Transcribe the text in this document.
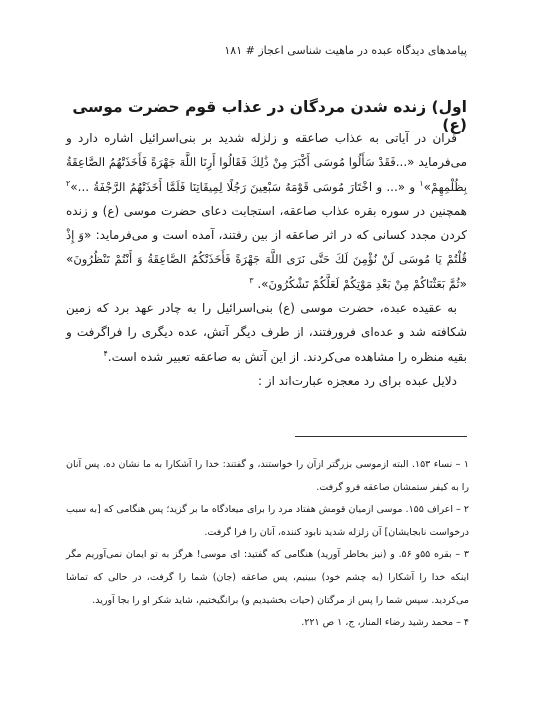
پیامدهای دیدگاه عبده در ماهیت شناسی اعجاز # ۱۸۱
اول) زنده شدن مردگان در عذاب قوم حضرت موسی (ع)

قران در آیاتی به عذاب صاعقه و زلزله شدید بر بنی‌اسرائیل اشاره دارد و می‌فرماید «...فَقَدْ سَأَلُوا مُوسَى أَكْبَرَ مِنْ ذَٰلِكَ فَقَالُوا أَرِنَا اللَّهَ جَهْرَةً فَأَخَذَتْهُمُ الصَّاعِقَةُ بِظُلْمِهِمْ»$^۱$ و «... و اخْتَارَ مُوسَى قَوْمَهُ سَبْعِينَ رَجُلًا لِمِيقَاتِنَا فَلَمَّا أَخَذَتْهُمُ الرَّجْفَةُ ...»$^۲$ همچنین در سوره بقره عذاب صاعقه، استجابت دعای حضرت موسی (ع) و زنده کردن مجدد کسانی که در اثر صاعقه از بین رفتند، آمده است و می‌فرماید: «وَ إِذْ قُلْتُمْ يَا مُوسَى لَنْ نُؤْمِنَ لَكَ حَتَّى نَرَى اللَّهَ جَهْرَةً فَأَخَذَتْكُمُ الصَّاعِقَةُ وَ أَنْتُمْ تَنْظُرُونَ» «ثُمَّ بَعَثْنَاكُمْ مِنْ بَعْدِ مَوْتِكُمْ لَعَلَّكُمْ تَشْكُرُونَ». $^۳$

به عقیده عبده، حضرت موسی (ع) بنی‌اسرائیل را به چادر عهد برد که زمین شکافته شد و عده‌ای فرورفتند، از طرف دیگر آتش، عده دیگری را فراگرفت و بقیه منظره را مشاهده می‌کردند. از این آتش به صاعقه تعبیر شده است.$^۴$

دلایل عبده برای رد معجزه عبارت‌اند از :

۱ – نساء ۱۵۳. البته ازموسی بزرگتر ازآن را خواستند، و گفتند: خدا را آشکارا به ما نشان ده. پس آنان را به کیفر ستمشان صاعقه فرو گرفت.

۲ – اعراف ۱۵۵. موسی ازمیان قومش هفتاد مرد را برای میعادگاه ما بر گزید؛ پس هنگامی که [به سبب درخواست نابجایشان] آن زلزله شدید نابود کننده، آنان را فرا گرفت.

۳ – بقره ۵۵و ۵۶. و (نیز بخاطر آورید) هنگامی که گفتید: ای موسی! هرگز به تو ایمان نمی‌آوریم مگر اینکه خدا را آشکارا (به چشم خود) ببینیم، پس صاعقه (جان) شما را گرفت، در حالی که تماشا می‌کردید. سپس شما را پس از مرگتان (حیات بخشیدیم و) برانگیختیم، شاید شکر او را بجا آورید.

۴ – محمد رشید رضاء المنار، ج، ۱ ص ۲۲۱.
